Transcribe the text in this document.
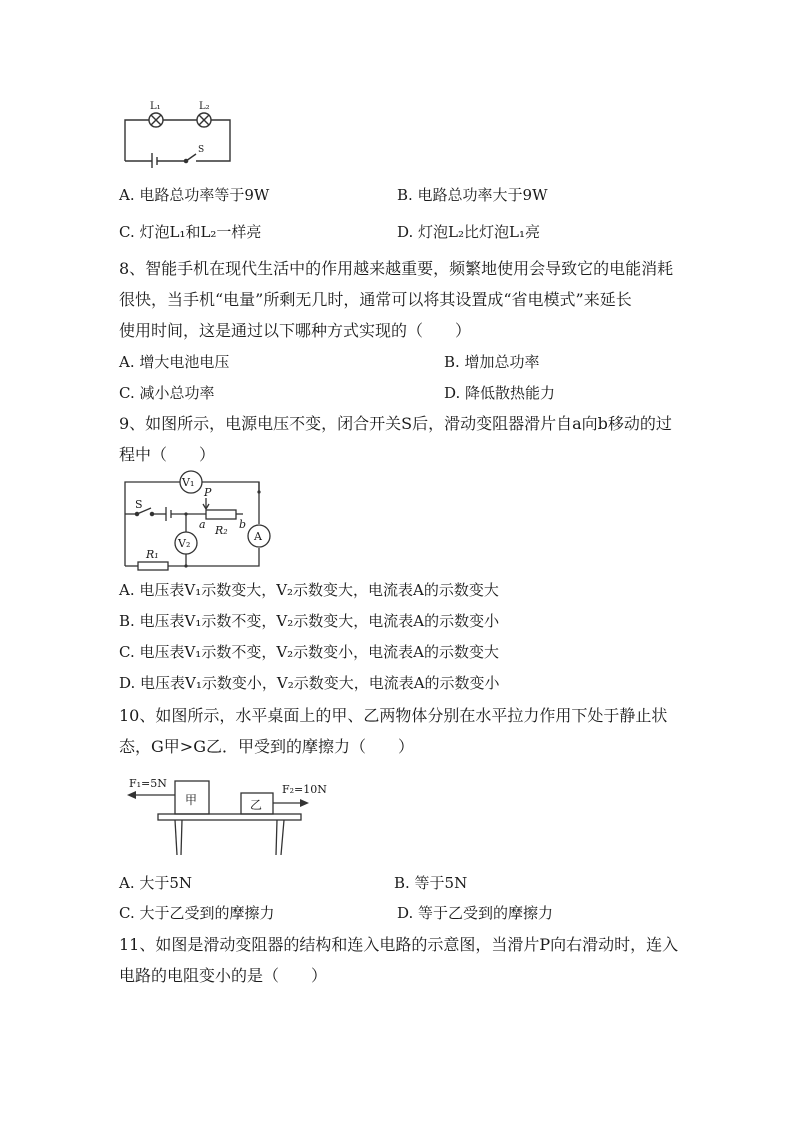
L₁	L₂
S
A. 电路总功率等于9W	B. 电路总功率大于9W
C. 灯泡L₁和L₂一样亮	D. 灯泡L₂比灯泡L₁亮
8、智能手机在现代生活中的作用越来越重要，频繁地使用会导致它的电能消耗
很快，当手机“电量”所剩无几时，通常可以将其设置成“省电模式”来延长
使用时间，这是通过以下哪种方式实现的（　　）
A. 增大电池电压	B. 增加总功率
C. 减小总功率	D. 降低散热能力
9、如图所示，电源电压不变，闭合开关S后，滑动变阻器滑片自a向b移动的过
程中（　　）
V₁
V₂
A
S
P
a	b
R₂
R₁
A. 电压表V₁示数变大，V₂示数变大，电流表A的示数变大
B. 电压表V₁示数不变，V₂示数变大，电流表A的示数变小
C. 电压表V₁示数不变，V₂示数变小，电流表A的示数变大
D. 电压表V₁示数变小，V₂示数变大，电流表A的示数变小
10、如图所示，水平桌面上的甲、乙两物体分别在水平拉力作用下处于静止状
态，G甲>G乙．甲受到的摩擦力（　　）
F₁=5N	F₂=10N
甲	乙
A. 大于5N	B. 等于5N
C. 大于乙受到的摩擦力	D. 等于乙受到的摩擦力
11、如图是滑动变阻器的结构和连入电路的示意图，当滑片P向右滑动时，连入
电路的电阻变小的是（　　）
